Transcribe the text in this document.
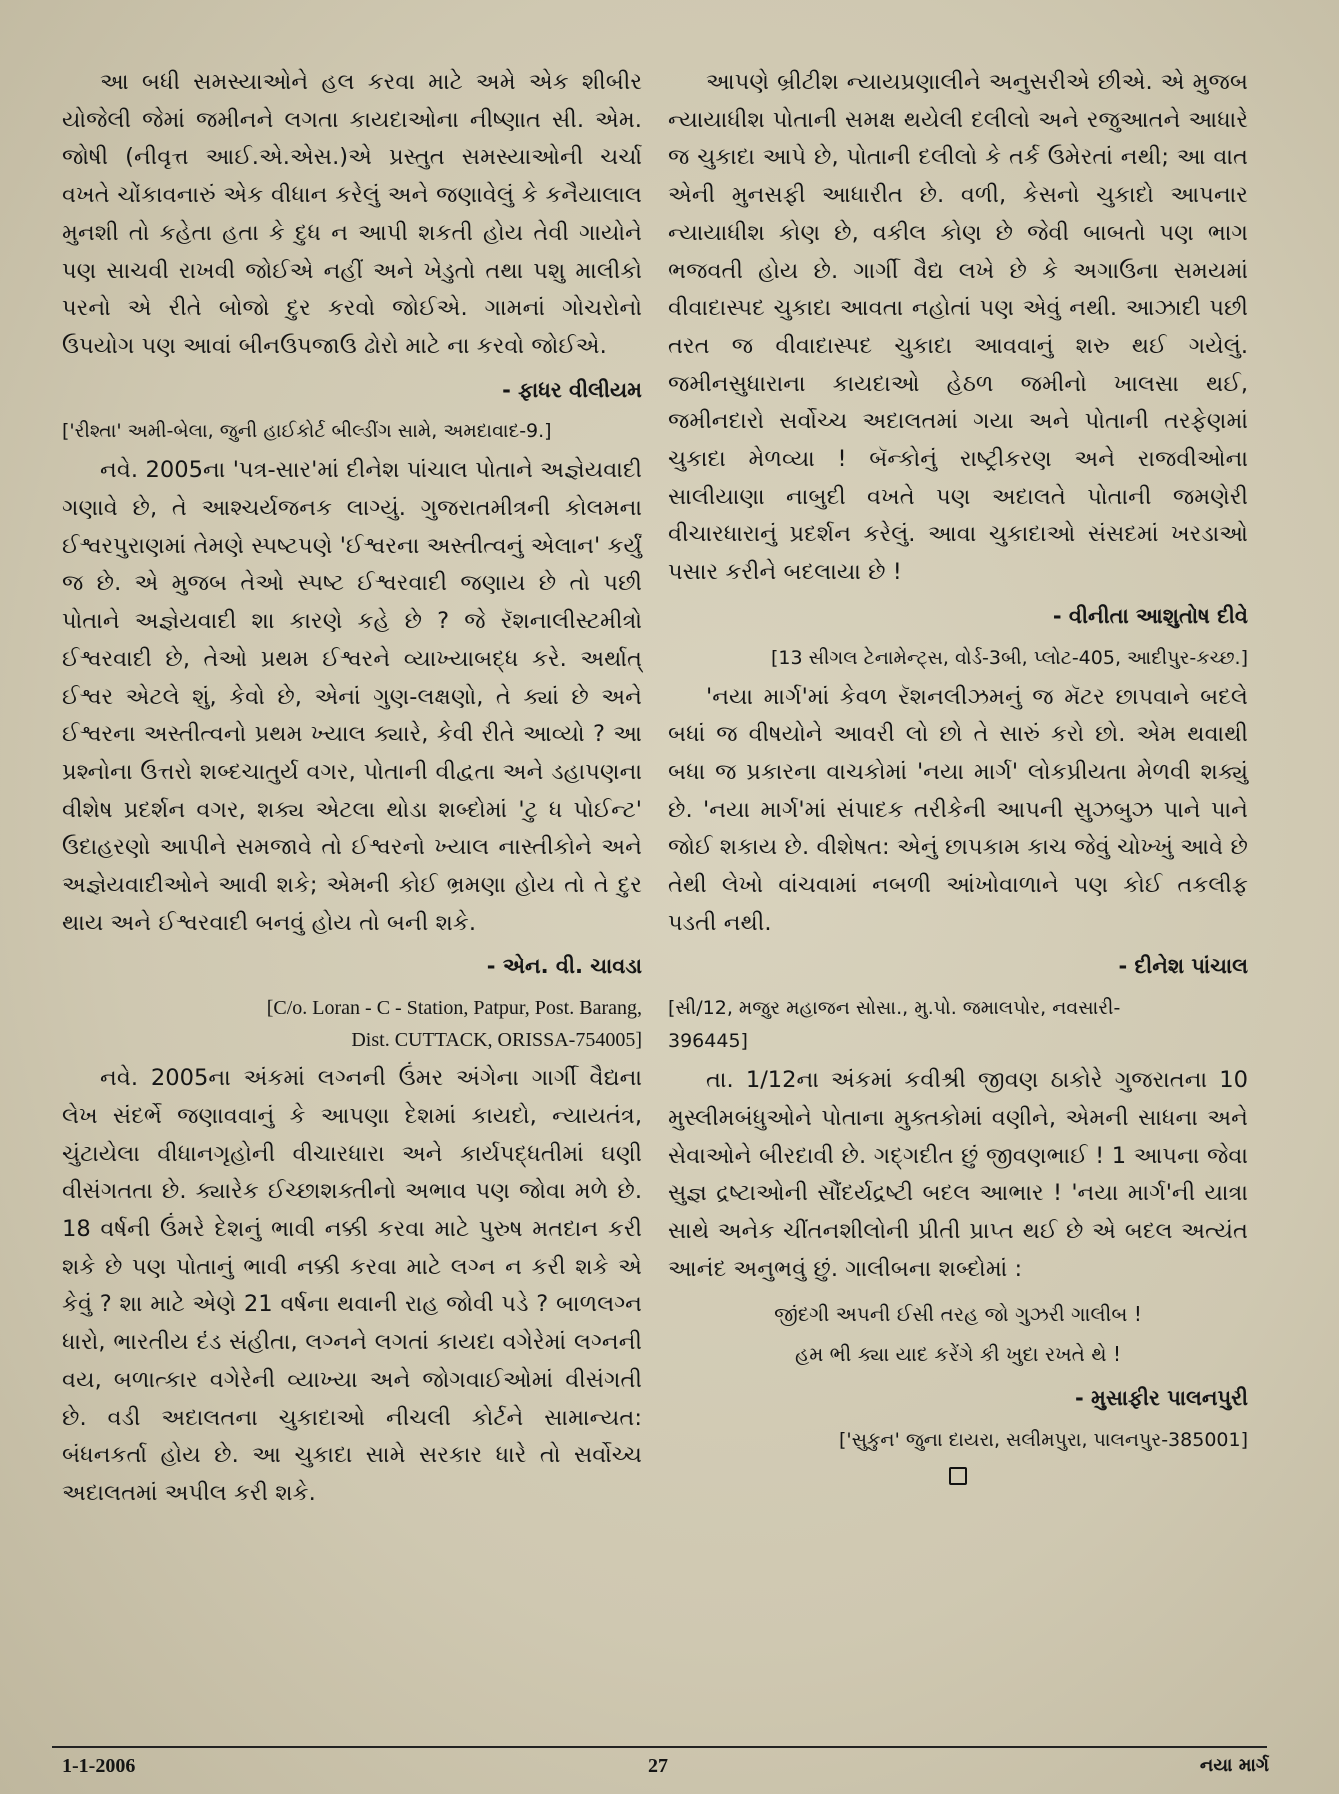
આ બધી સમસ્યાઓને હલ કરવા માટે અમે એક શીબીર યોજેલી જેમાં જમીનને લગતા કાયદાઓના નીષ્ણાત સી. એમ. જોષી (નીવૃત્ત આઈ.એ.એસ.)એ પ્રસ્તુત સમસ્યાઓની ચર્ચા વખતે ચોંકાવનારું એક વીધાન કરેલું અને જણાવેલું કે કનૈયાલાલ મુનશી તો કહેતા હતા કે દુધ ન આપી શકતી હોય તેવી ગાયોને પણ સાચવી રાખવી જોઈએ નહીં અને ખેડુતો તથા પશુ માલીકો પરનો એ રીતે બોજો દુર કરવો જોઈએ. ગામનાં ગોચરોનો ઉપયોગ પણ આવાં બીનઉપજાઉ ઢોરો માટે ના કરવો જોઈએ.

- ફાધર વીલીયમ
['રીશ્તા' અમી-બેલા, જુની હાઈકોર્ટ બીલ્ડીંગ સામે, અમદાવાદ-9.]

નવે. 2005ના 'પત્ર-સાર'માં દીનેશ પાંચાલ પોતાને અજ્ઞેયવાદી ગણાવે છે, તે આશ્ચર્યજનક લાગ્યું. ગુજરાતમીત્રની કોલમના ઈશ્વરપુરાણમાં તેમણે સ્પષ્ટપણે 'ઈશ્વરના અસ્તીત્વનું એલાન' કર્યું જ છે. એ મુજબ તેઓ સ્પષ્ટ ઈશ્વરવાદી જણાય છે તો પછી પોતાને અજ્ઞેયવાદી શા કારણે કહે છે ? જે રૅશનાલીસ્ટમીત્રો ઈશ્વરવાદી છે, તેઓ પ્રથમ ઈશ્વરને વ્યાખ્યાબદ્ધ કરે. અર્થાત્ ઈશ્વર એટલે શું, કેવો છે, એનાં ગુણ-લક્ષણો, તે ક્યાં છે અને ઈશ્વરના અસ્તીત્વનો પ્રથમ ખ્યાલ ક્યારે, કેવી રીતે આવ્યો ? આ પ્રશ્નોના ઉત્તરો શબ્દચાતુર્ય વગર, પોતાની વીદ્વતા અને ડહાપણના વીશેષ પ્રદર્શન વગર, શક્ય એટલા થોડા શબ્દોમાં 'ટુ ધ પોઈન્ટ' ઉદાહરણો આપીને સમજાવે તો ઈશ્વરનો ખ્યાલ નાસ્તીકોને અને અજ્ઞેયવાદીઓને આવી શકે; એમની કોઈ ભ્રમણા હોય તો તે દુર થાય અને ઈશ્વરવાદી બનવું હોય તો બની શકે.

- એન. વી. ચાવડા
[C/o. Loran - C - Station, Patpur, Post. Barang,
Dist. CUTTACK, ORISSA-754005]

નવે. 2005ના અંકમાં લગ્નની ઉંમર અંગેના ગાર્ગી વૈદ્યના લેખ સંદર્ભે જણાવવાનું કે આપણા દેશમાં કાયદો, ન્યાયતંત્ર, ચુંટાયેલા વીધાનગૃહોની વીચારધારા અને કાર્યપદ્ધતીમાં ઘણી વીસંગતતા છે. ક્યારેક ઈચ્છાશક્તીનો અભાવ પણ જોવા મળે છે. 18 વર્ષની ઉંમરે દેશનું ભાવી નક્કી કરવા માટે પુરુષ મતદાન કરી શકે છે પણ પોતાનું ભાવી નક્કી કરવા માટે લગ્ન ન કરી શકે એ કેવું ? શા માટે એણે 21 વર્ષના થવાની રાહ જોવી પડે ? બાળલગ્ન ધારો, ભારતીય દંડ સંહીતા, લગ્નને લગતાં કાયદા વગેરેમાં લગ્નની વય, બળાત્કાર વગેરેની વ્યાખ્યા અને જોગવાઈઓમાં વીસંગતી છે. વડી અદાલતના ચુકાદાઓ નીચલી કોર્ટને સામાન્યત: બંધનકર્તા હોય છે. આ ચુકાદા સામે સરકાર ધારે તો સર્વોચ્ચ અદાલતમાં અપીલ કરી શકે.

આપણે બ્રીટીશ ન્યાયપ્રણાલીને અનુસરીએ છીએ. એ મુજબ ન્યાયાધીશ પોતાની સમક્ષ થયેલી દલીલો અને રજુઆતને આધારે જ ચુકાદા આપે છે, પોતાની દલીલો કે તર્ક ઉમેરતાં નથી; આ વાત એની મુનસફી આધારીત છે. વળી, કેસનો ચુકાદો આપનાર ન્યાયાધીશ કોણ છે, વકીલ કોણ છે જેવી બાબતો પણ ભાગ ભજવતી હોય છે. ગાર્ગી વૈદ્ય લખે છે કે અગાઉના સમયમાં વીવાદાસ્પદ ચુકાદા આવતા નહોતાં પણ એવું નથી. આઝાદી પછી તરત જ વીવાદાસ્પદ ચુકાદા આવવાનું શરુ થઈ ગયેલું. જમીનસુધારાના કાયદાઓ હેઠળ જમીનો ખાલસા થઈ, જમીનદારો સર્વોચ્ચ અદાલતમાં ગયા અને પોતાની તરફેણમાં ચુકાદા મેળવ્યા ! બૅન્કોનું રાષ્ટ્રીકરણ અને રાજવીઓના સાલીયાણા નાબુદી વખતે પણ અદાલતે પોતાની જમણેરી વીચારધારાનું પ્રદર્શન કરેલું. આવા ચુકાદાઓ સંસદમાં ખરડાઓ પસાર કરીને બદલાયા છે !

- વીનીતા આશુતોષ દીવે
[13 સીગલ ટેનામેન્ટ્સ, વોર્ડ-3બી, પ્લોટ-405, આદીપુર-કચ્છ.]

'નયા માર્ગ'માં કેવળ રૅશનલીઝમનું જ મૅટર છાપવાને બદલે બધાં જ વીષયોને આવરી લો છો તે સારું કરો છો. એમ થવાથી બધા જ પ્રકારના વાચકોમાં 'નયા માર્ગ' લોકપ્રીયતા મેળવી શક્યું છે. 'નયા માર્ગ'માં સંપાદક તરીકેની આપની સુઝબુઝ પાને પાને જોઈ શકાય છે. વીશેષત: એનું છાપકામ કાચ જેવું ચોખ્ખું આવે છે તેથી લેખો વાંચવામાં નબળી આંખોવાળાને પણ કોઈ તકલીફ પડતી નથી.

- દીનેશ પાંચાલ
[સી/12, મજુર મહાજન સોસા., મુ.પો. જમાલપોર, નવસારી-
396445]

તા. 1/12ના અંકમાં કવીશ્રી જીવણ ઠાકોરે ગુજરાતના 10 મુસ્લીમબંધુઓને પોતાના મુક્તકોમાં વણીને, એમની સાધના અને સેવાઓને બીરદાવી છે. ગદ્ગદીત છું જીવણભાઈ ! 1 આપના જેવા સુજ્ઞ દ્રષ્ટાઓની સૌંદર્યદ્રષ્ટી બદલ આભાર ! 'નયા માર્ગ'ની યાત્રા સાથે અનેક ચીંતનશીલોની પ્રીતી પ્રાપ્ત થઈ છે એ બદલ અત્યંત આનંદ અનુભવું છું. ગાલીબના શબ્દોમાં :

જીંદગી અપની ઈસી તરહ જો ગુઝરી ગાલીબ !
હમ ભી ક્યા યાદ કરેંગે કી ખુદા રખતે થે !
- મુસાફીર પાલનપુરી
['સુકુન' જુના દાયરા, સલીમપુરા, પાલનપુર-385001]
1-1-2006	27	નયા માર્ગ
